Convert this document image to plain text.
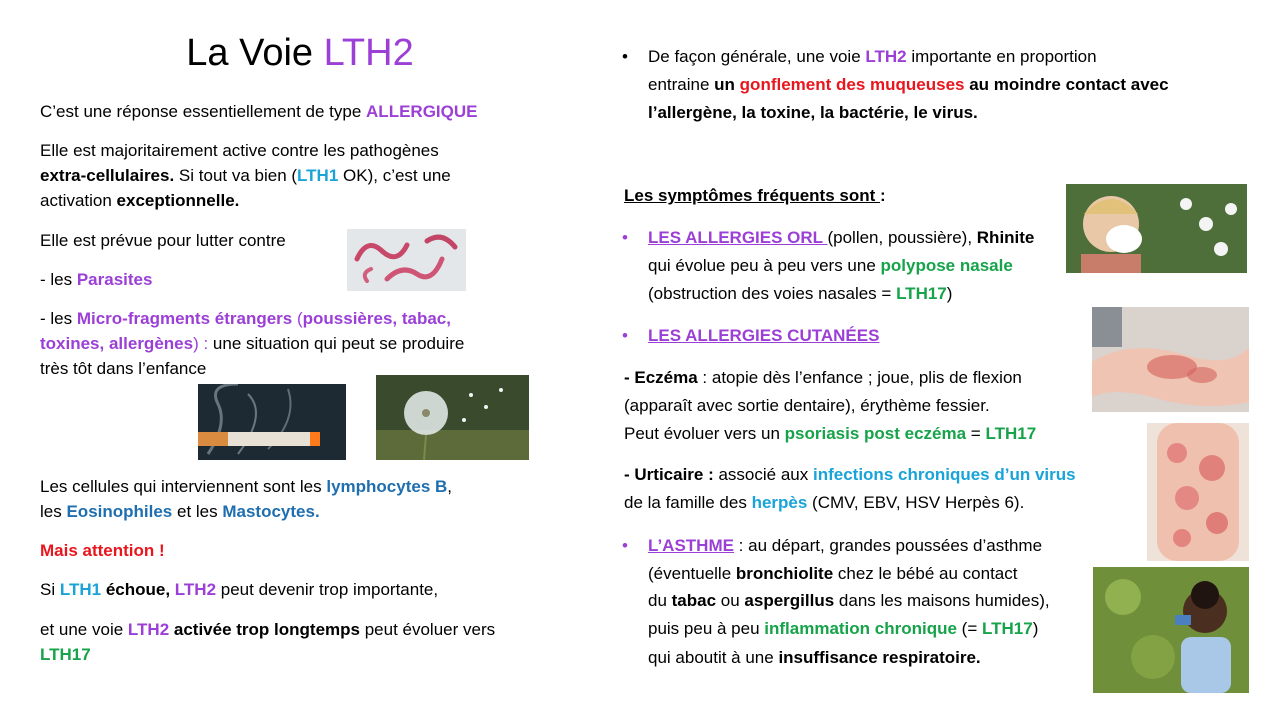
La Voie LTH2
C’est une réponse essentiellement de type ALLERGIQUE
Elle est majoritairement active contre les pathogènes
extra-cellulaires. Si tout va bien (LTH1 OK), c’est une
activation exceptionnelle.
Elle est prévue pour lutter contre
- les Parasites
- les Micro-fragments étrangers (poussières, tabac,
toxines, allergènes) : une situation qui peut se produire
très tôt dans l’enfance
Les cellules qui interviennent sont les lymphocytes B,
les Eosinophiles et les Mastocytes.
Mais attention !
Si LTH1 échoue, LTH2 peut devenir trop importante,
et une voie LTH2 activée trop longtemps peut évoluer vers
LTH17
• De façon générale, une voie LTH2 importante en proportion
entraine un gonflement des muqueuses au moindre contact avec
l’allergène, la toxine, la bactérie, le virus.
Les symptômes fréquents sont :
• LES ALLERGIES ORL (pollen, poussière), Rhinite
qui évolue peu à peu vers une polypose nasale
(obstruction des voies nasales = LTH17)
• LES ALLERGIES CUTANÉES
- Eczéma : atopie dès l’enfance ; joue, plis de flexion
(apparaît avec sortie dentaire), érythème fessier.
Peut évoluer vers un psoriasis post eczéma = LTH17
- Urticaire : associé aux infections chroniques d’un virus
de la famille des herpès (CMV, EBV, HSV Herpès 6).
• L’ASTHME : au départ, grandes poussées d’asthme
(éventuelle bronchiolite chez le bébé au contact
du tabac ou aspergillus dans les maisons humides),
puis peu à peu inflammation chronique (= LTH17)
qui aboutit à une insuffisance respiratoire.
